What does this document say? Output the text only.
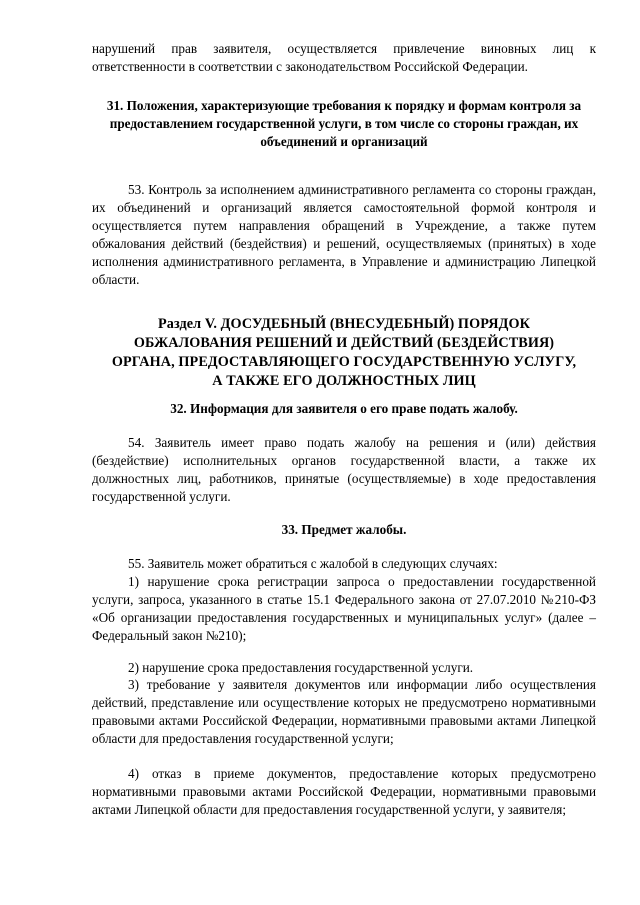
нарушений прав заявителя, осуществляется привлечение виновных лиц к ответственности в соответствии с законодательством Российской Федерации.

31. Положения, характеризующие требования к порядку и формам контроля за предоставлением государственной услуги, в том числе со стороны граждан, их объединений и организаций

53. Контроль за исполнением административного регламента со стороны граждан, их объединений и организаций является самостоятельной формой контроля и осуществляется путем направления обращений в Учреждение, а также путем обжалования действий (бездействия) и решений, осуществляемых (принятых) в ходе исполнения административного регламента, в Управление и администрацию Липецкой области.

Раздел V. ДОСУДЕБНЫЙ (ВНЕСУДЕБНЫЙ) ПОРЯДОК ОБЖАЛОВАНИЯ РЕШЕНИЙ И ДЕЙСТВИЙ (БЕЗДЕЙСТВИЯ) ОРГАНА, ПРЕДОСТАВЛЯЮЩЕГО ГОСУДАРСТВЕННУЮ УСЛУГУ, А ТАКЖЕ ЕГО ДОЛЖНОСТНЫХ ЛИЦ

32. Информация для заявителя о его праве подать жалобу.

54. Заявитель имеет право подать жалобу на решения и (или) действия (бездействие) исполнительных органов государственной власти, а также их должностных лиц, работников, принятые (осуществляемые) в ходе предоставления государственной услуги.

33. Предмет жалобы.

55. Заявитель может обратиться с жалобой в следующих случаях:

1) нарушение срока регистрации запроса о предоставлении государственной услуги, запроса, указанного в статье 15.1 Федерального закона от 27.07.2010 №210-ФЗ «Об организации предоставления государственных и муниципальных услуг» (далее – Федеральный закон №210);

2) нарушение срока предоставления государственной услуги.

3) требование у заявителя документов или информации либо осуществления действий, представление или осуществление которых не предусмотрено нормативными правовыми актами Российской Федерации, нормативными правовыми актами Липецкой области для предоставления государственной услуги;

4) отказ в приеме документов, предоставление которых предусмотрено нормативными правовыми актами Российской Федерации, нормативными правовыми актами Липецкой области для предоставления государственной услуги, у заявителя;
